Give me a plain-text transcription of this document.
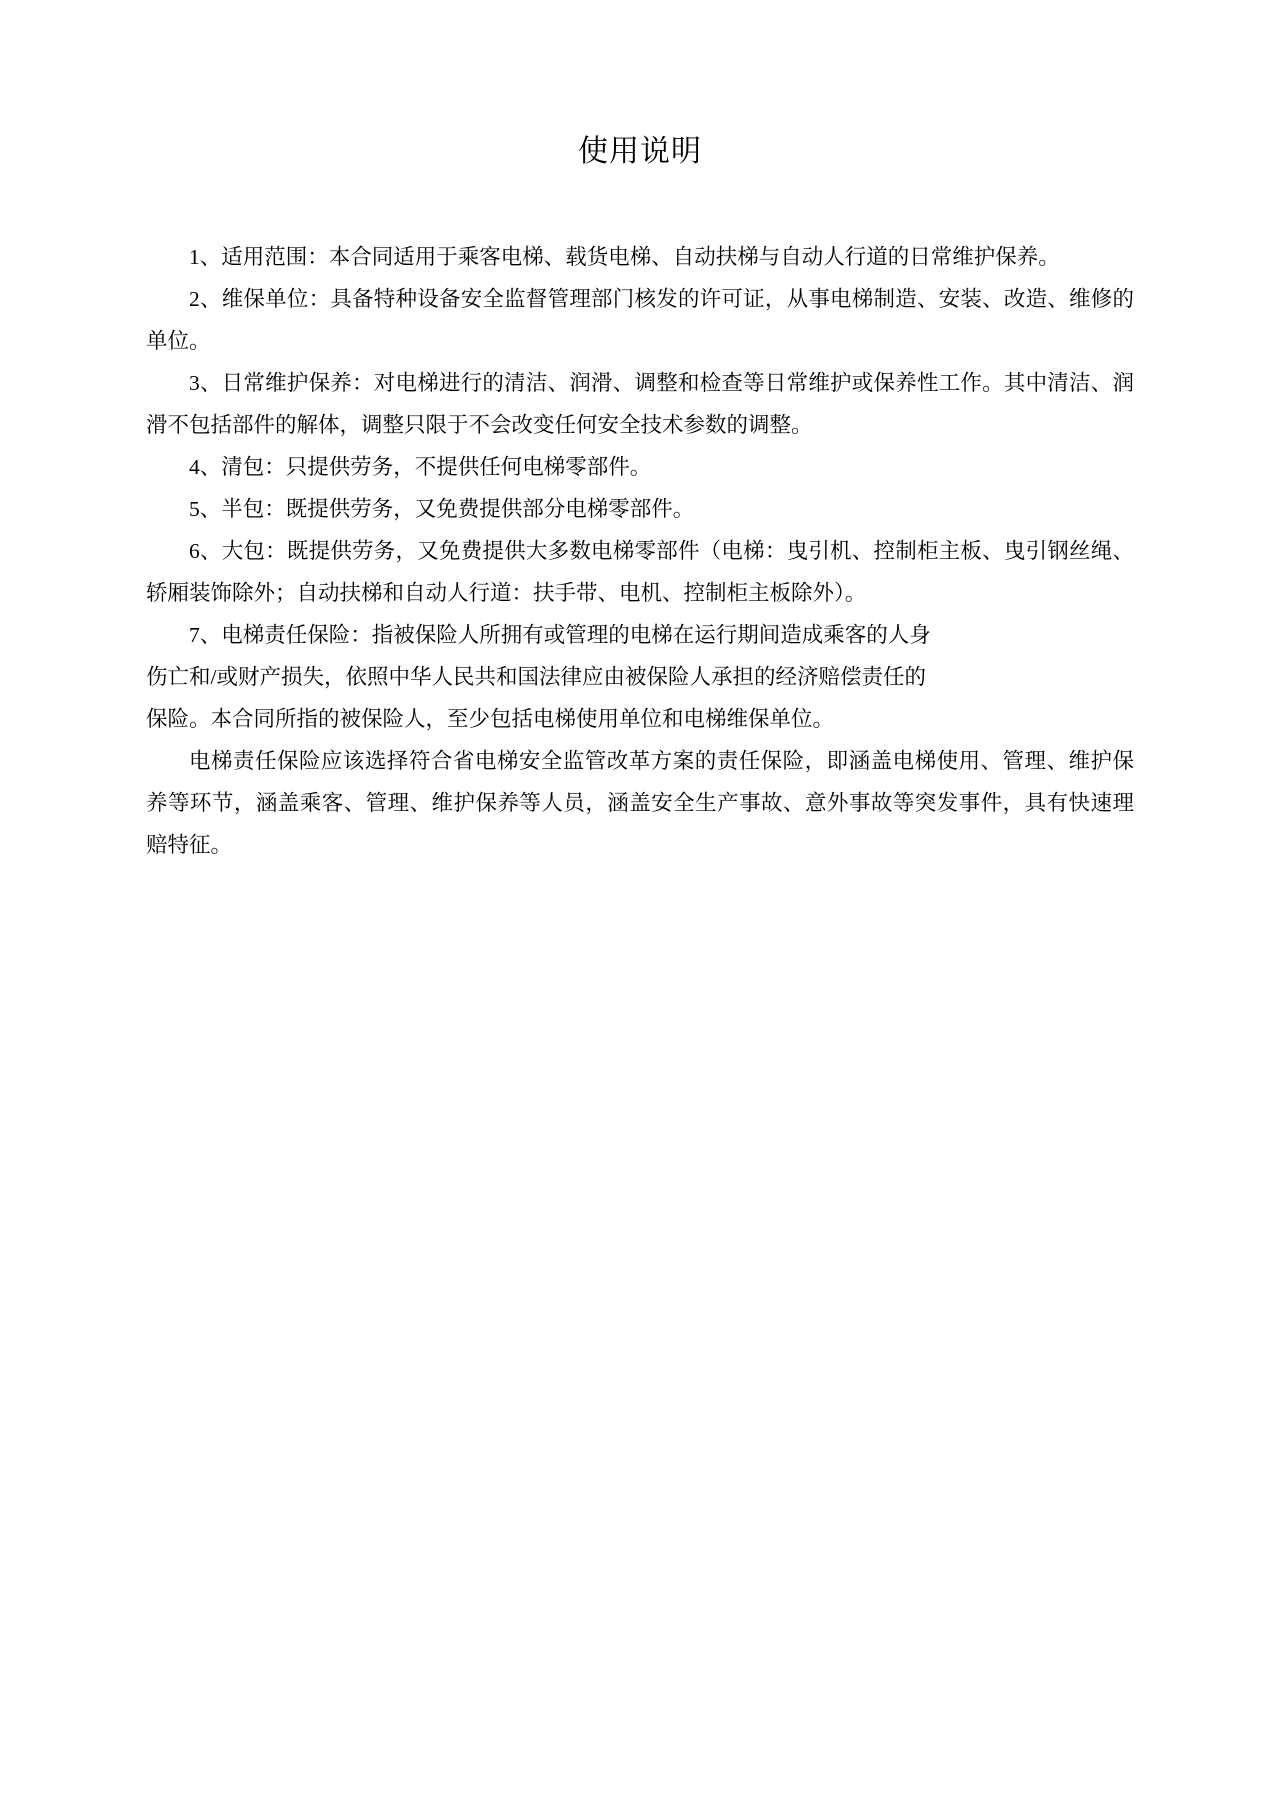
使用说明

1、适用范围：本合同适用于乘客电梯、载货电梯、自动扶梯与自动人行道的日常维护保养。

2、维保单位：具备特种设备安全监督管理部门核发的许可证，从事电梯制造、安装、改造、维修的单位。

3、日常维护保养：对电梯进行的清洁、润滑、调整和检查等日常维护或保养性工作。其中清洁、润滑不包括部件的解体，调整只限于不会改变任何安全技术参数的调整。

4、清包：只提供劳务，不提供任何电梯零部件。

5、半包：既提供劳务，又免费提供部分电梯零部件。

6、大包：既提供劳务，又免费提供大多数电梯零部件（电梯：曳引机、控制柜主板、曳引钢丝绳、轿厢装饰除外；自动扶梯和自动人行道：扶手带、电机、控制柜主板除外）。

7、电梯责任保险：指被保险人所拥有或管理的电梯在运行期间造成乘客的人身
伤亡和/或财产损失，依照中华人民共和国法律应由被保险人承担的经济赔偿责任的
保险。本合同所指的被保险人，至少包括电梯使用单位和电梯维保单位。

电梯责任保险应该选择符合省电梯安全监管改革方案的责任保险，即涵盖电梯使用、管理、维护保养等环节，涵盖乘客、管理、维护保养等人员，涵盖安全生产事故、意外事故等突发事件，具有快速理赔特征。
